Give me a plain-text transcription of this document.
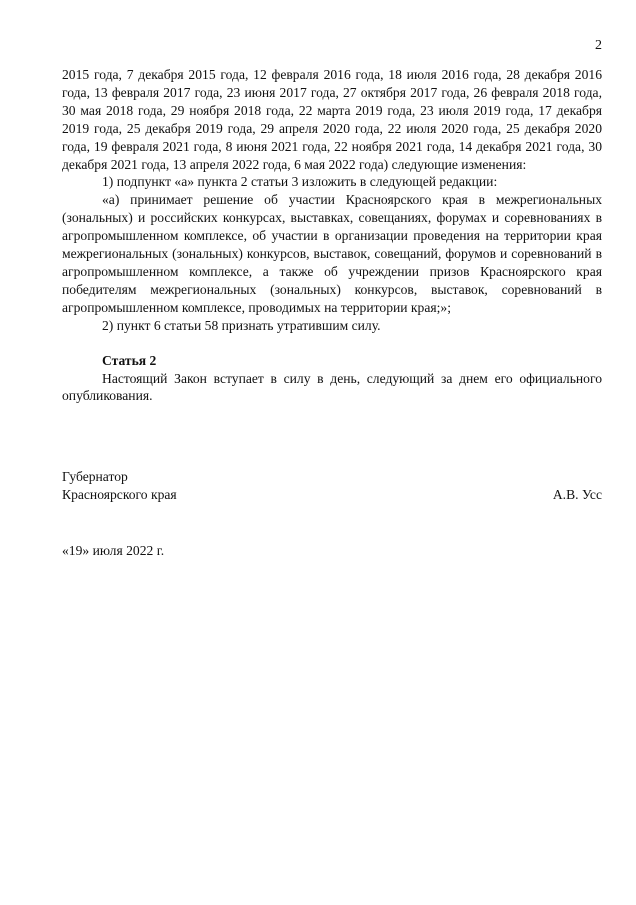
2

2015 года, 7 декабря 2015 года, 12 февраля 2016 года, 18 июля 2016 года, 28 декабря 2016 года, 13 февраля 2017 года, 23 июня 2017 года, 27 октября 2017 года, 26 февраля 2018 года, 30 мая 2018 года, 29 ноября 2018 года, 22 марта 2019 года, 23 июля 2019 года, 17 декабря 2019 года, 25 декабря 2019 года, 29 апреля 2020 года, 22 июля 2020 года, 25 декабря 2020 года, 19 февраля 2021 года, 8 июня 2021 года, 22 ноября 2021 года, 14 декабря 2021 года, 30 декабря 2021 года, 13 апреля 2022 года, 6 мая 2022 года) следующие изменения:

1) подпункт «а» пункта 2 статьи 3 изложить в следующей редакции:

«а) принимает решение об участии Красноярского края в межрегиональных (зональных) и российских конкурсах, выставках, совещаниях, форумах и соревнованиях в агропромышленном комплексе, об участии в организации проведения на территории края межрегиональных (зональных) конкурсов, выставок, совещаний, форумов и соревнований в агропромышленном комплексе, а также об учреждении призов Красноярского края победителям межрегиональных (зональных) конкурсов, выставок, соревнований в агропромышленном комплексе, проводимых на территории края;»;

2) пункт 6 статьи 58 признать утратившим силу.

Статья 2

Настоящий Закон вступает в силу в день, следующий за днем его официального опубликования.

Губернатор
Красноярского края	А.В. Усс
«19» июля 2022 г.
